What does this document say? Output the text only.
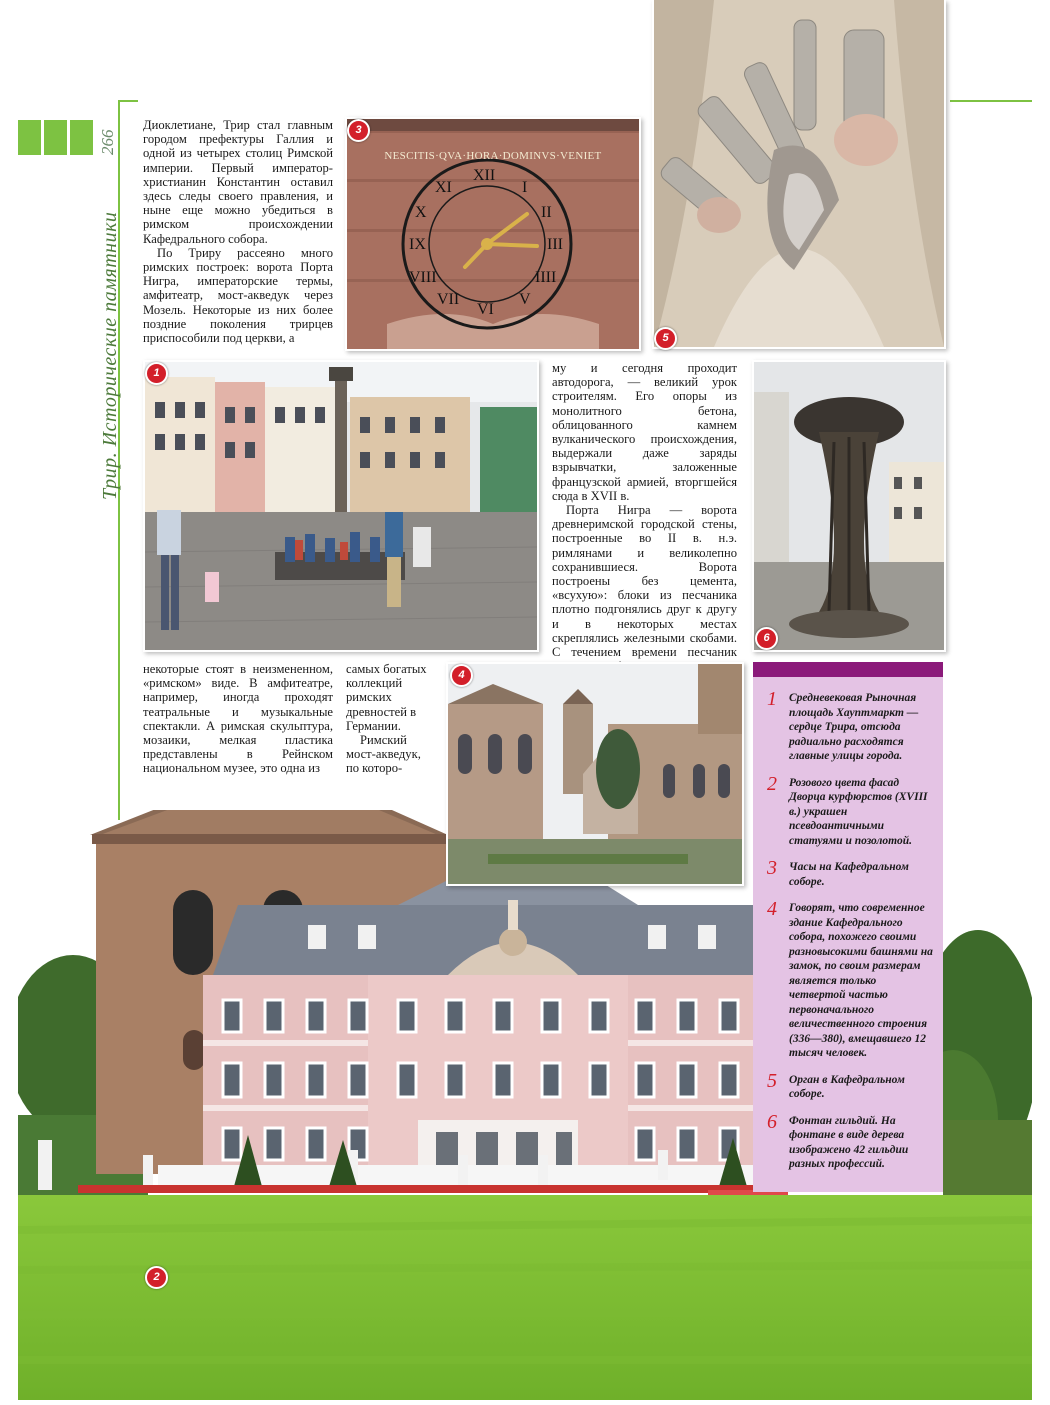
266
Трир. Исторические памятники

Диоклетиане, Трир стал главным городом префектуры Галлия и одной из четырех столиц Римской империи. Первый император-христианин Константин оставил здесь следы своего правления, и ныне еще можно убедиться в римском происхождении Кафедрального собора.

По Триру рассеяно много римских построек: ворота Порта Нигра, императорские термы, амфитеатр, мост-акведук через Мозель. Некоторые из них более поздние поколения трирцев приспособили под церкви, а

NESCITIS·QVA·HORA·DOMINVS·VENIET
XII
I
II
III
IIII
V
VI
VII
VIII
IX
X
XI
3
5
1	му и сегодня проходит автодорога, — великий урок строителям. Его опоры из монолитного бетона, облицованного камнем вулканического происхождения, выдержали даже заряды взрывчатки, заложенные французской армией, вторгшейся сюда в XVII в.

Порта Нигра — ворота древнеримской городской стены, построенные во II в. н.э. римлянами и великолепно сохранившиеся. Ворота построены без цемента, «всухую»: блоки из песчаника плотно подгонялись друг к другу и в некоторых местах скреплялись железными скобами. С течением времени песчаник

6
некоторые стоят в неизмененном, «римском» виде. В амфитеатре, например, иногда проходят театральные и музыкальные спектакли. А римская скульптура, мозаики, мелкая пластика представлены в Рейнском национальном музее, это одна из

самых богатых коллекций римских древностей в Германии.

Римский мост-акведук, по которо-

4
1	Средневековая Рыночная площадь Хауптмаркт — сердце Трира, отсюда радиально расходятся главные улицы города.
2	Розового цвета фасад Дворца курфюрстов (XVIII в.) украшен псевдоантичными статуями и позолотой.
3	Часы на Кафедральном соборе.
4	Говорят, что современное здание Кафедрального собора, похожего своими разновысокими башнями на замок, по своим размерам является только четвертой частью первоначального величественного строения (336—380), вмещавшего 12 тысяч человек.
5	Орган в Кафедральном соборе.
6	Фонтан гильдий. На фонтане в виде дерева изображено 42 гильдии разных профессий.
2
